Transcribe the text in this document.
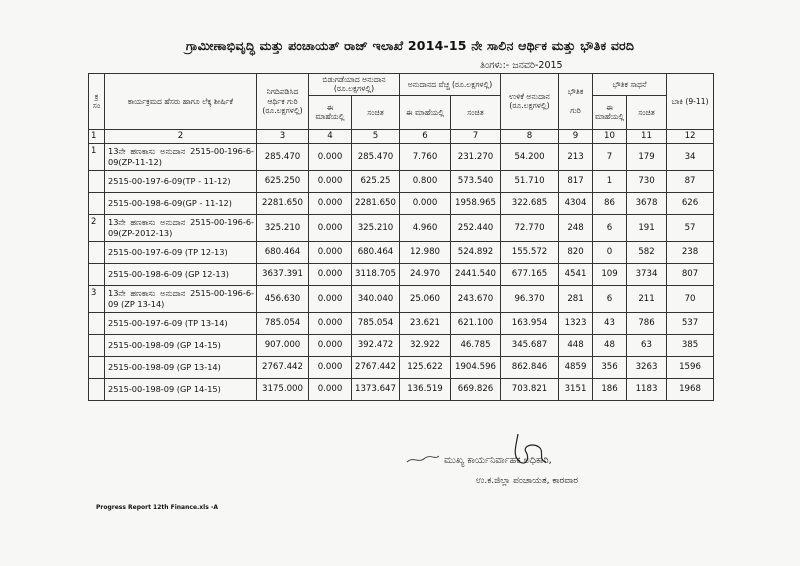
ಗ್ರಾಮೀಣಾಭಿವೃದ್ಧಿ ಮತ್ತು ಪಂಚಾಯತ್ ರಾಜ್ ಇಲಾಖೆ 2014-15 ನೇ ಸಾಲಿನ ಆರ್ಥಿಕ ಮತ್ತು ಭೌತಿಕ ವರದಿ
ತಿಂಗಳು:- ಜನವರಿ-2015
ಕ್ರ ಸಂ	ಕಾರ್ಯಕ್ರಮದ ಹೆಸರು ಹಾಗೂ ಲೆಕ್ಕ ಶೀರ್ಷಿಕೆ	ನಿಗದಿಪಡಿಸಿದ ಆರ್ಥಿಕ ಗುರಿ (ರೂ.ಲಕ್ಷಗಳಲ್ಲಿ)	ಬಿಡುಗಡೆಯಾದ ಅನುದಾನ (ರೂ.ಲಕ್ಷಗಳಲ್ಲಿ)		ಅನುದಾನದ ವೆಚ್ಚ (ರೂ.ಲಕ್ಷಗಳಲ್ಲಿ)		ಉಳಿಕೆ ಅನುದಾನ (ರೂ.ಲಕ್ಷಗಳಲ್ಲಿ)	ಭೌತಿಕ

ಗುರಿ	ಭೌತಿಕ ಸಾಧನೆ		ಬಾಕಿ (9-11)
			ಈ ಮಾಹೆಯಲ್ಲಿ	ಸಂಚಿತ	ಈ ಮಾಹೆಯಲ್ಲಿ	ಸಂಚಿತ			ಈ ಮಾಹೆಯಲ್ಲಿ	ಸಂಚಿತ	
1	2	3	4	5	6	7	8	9	10	11	12
1	13ನೇ ಹಣಕಾಸು ಅನುದಾನ 2515-00-196-6-09(ZP-11-12)	285.470	0.000	285.470	7.760	231.270	54.200	213	7	179	34
	2515-00-197-6-09(TP - 11-12)	625.250	0.000	625.25	0.800	573.540	51.710	817	1	730	87
	2515-00-198-6-09(GP - 11-12)	2281.650	0.000	2281.650	0.000	1958.965	322.685	4304	86	3678	626
2	13ನೇ ಹಣಕಾಸು ಅನುದಾನ 2515-00-196-6-09(ZP-2012-13)	325.210	0.000	325.210	4.960	252.440	72.770	248	6	191	57
	2515-00-197-6-09 (TP 12-13)	680.464	0.000	680.464	12.980	524.892	155.572	820	0	582	238
	2515-00-198-6-09 (GP 12-13)	3637.391	0.000	3118.705	24.970	2441.540	677.165	4541	109	3734	807
3	13ನೇ ಹಣಕಾಸು ಅನುದಾನ 2515-00-196-6-09 (ZP 13-14)	456.630	0.000	340.040	25.060	243.670	96.370	281	6	211	70
	2515-00-197-6-09 (TP 13-14)	785.054	0.000	785.054	23.621	621.100	163.954	1323	43	786	537
	2515-00-198-09 (GP 14-15)	907.000	0.000	392.472	32.922	46.785	345.687	448	48	63	385
	2515-00-198-09 (GP 13-14)	2767.442	0.000	2767.442	125.622	1904.596	862.846	4859	356	3263	1596
	2515-00-198-09 (GP 14-15)	3175.000	0.000	1373.647	136.519	669.826	703.821	3151	186	1183	1968
ಮುಖ್ಯ ಕಾರ್ಯನಿರ್ವಾಹಕ ಅಧಿಕಾರಿ,
ಉ.ಕ.ಜಿಲ್ಲಾ ಪಂಚಾಯತ, ಕಾರವಾರ
Progress Report 12th Finance.xls -A
